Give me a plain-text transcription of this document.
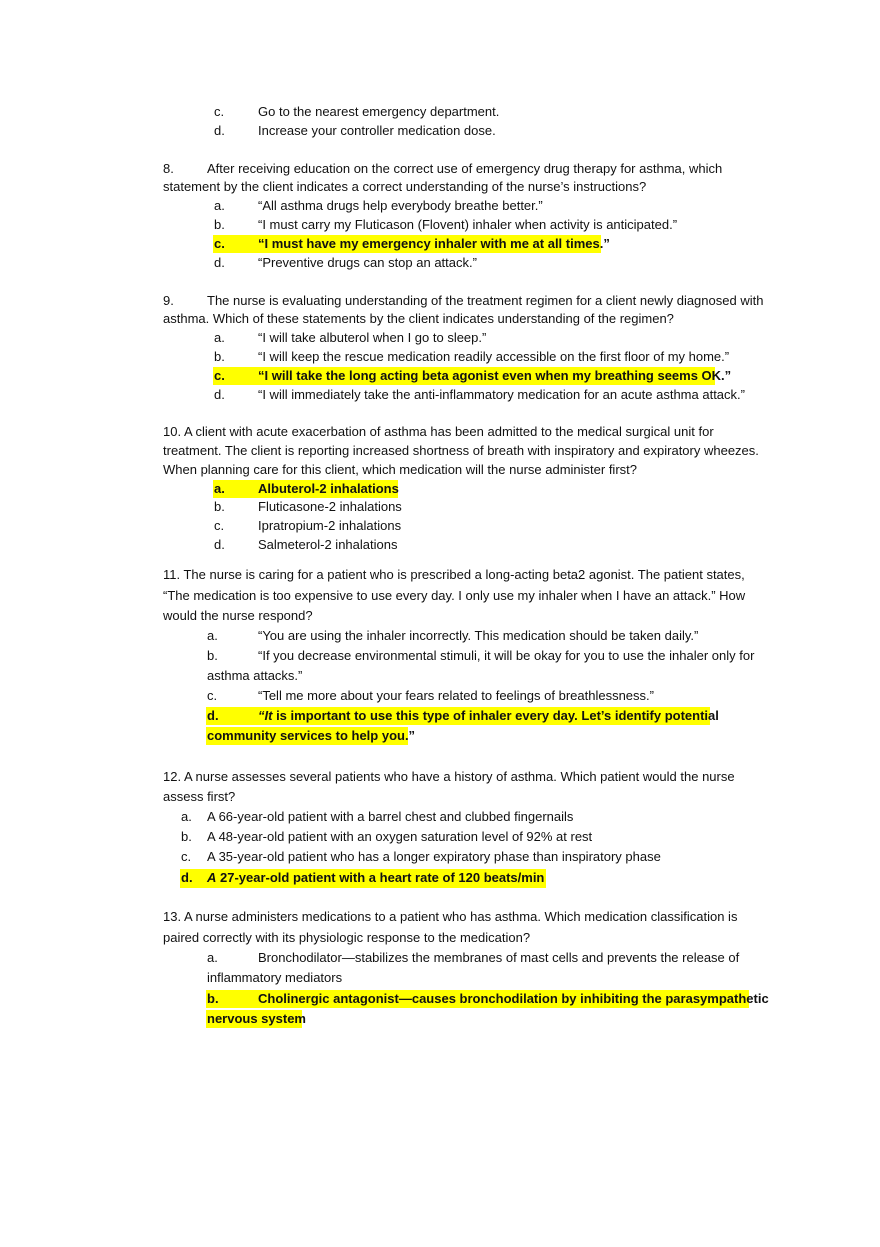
c.	Go to the nearest emergency department.
d.	Increase your controller medication dose.
8.	After receiving education on the correct use of emergency drug therapy for asthma, which
statement by the client indicates a correct understanding of the nurse’s instructions?
a.	“All asthma drugs help everybody breathe better.”
b.	“I must carry my Fluticason (Flovent) inhaler when activity is anticipated.”
c.	“I must have my emergency inhaler with me at all times.”
d.	“Preventive drugs can stop an attack.”
9.	The nurse is evaluating understanding of the treatment regimen for a client newly diagnosed with
asthma. Which of these statements by the client indicates understanding of the regimen?
a.	“I will take albuterol when I go to sleep.”
b.	“I will keep the rescue medication readily accessible on the first floor of my home.”
c.	“I will take the long acting beta agonist even when my breathing seems OK.”
d.	“I will immediately take the anti-inflammatory medication for an acute asthma attack.”
10. A client with acute exacerbation of asthma has been admitted to the medical surgical unit for
treatment. The client is reporting increased shortness of breath with inspiratory and expiratory wheezes.
When planning care for this client, which medication will the nurse administer first?
a.	Albuterol-2 inhalations
b.	Fluticasone-2 inhalations
c.	Ipratropium-2 inhalations
d.	Salmeterol-2 inhalations
11. The nurse is caring for a patient who is prescribed a long-acting beta2 agonist. The patient states,
“The medication is too expensive to use every day. I only use my inhaler when I have an attack.” How
would the nurse respond?
a.	“You are using the inhaler incorrectly. This medication should be taken daily.”
b.	“If you decrease environmental stimuli, it will be okay for you to use the inhaler only for
asthma attacks.”
c.	“Tell me more about your fears related to feelings of breathlessness.”
d.	“It is important to use this type of inhaler every day. Let’s identify potential
community services to help you.”
12. A nurse assesses several patients who have a history of asthma. Which patient would the nurse
assess first?
a. A 66-year-old patient with a barrel chest and clubbed fingernails
b. A 48-year-old patient with an oxygen saturation level of 92% at rest
c. A 35-year-old patient who has a longer expiratory phase than inspiratory phase
d. A 27-year-old patient with a heart rate of 120 beats/min
13. A nurse administers medications to a patient who has asthma. Which medication classification is
paired correctly with its physiologic response to the medication?
a.	Bronchodilator—stabilizes the membranes of mast cells and prevents the release of
inflammatory mediators
b.	Cholinergic antagonist—causes bronchodilation by inhibiting the parasympathetic
nervous system
